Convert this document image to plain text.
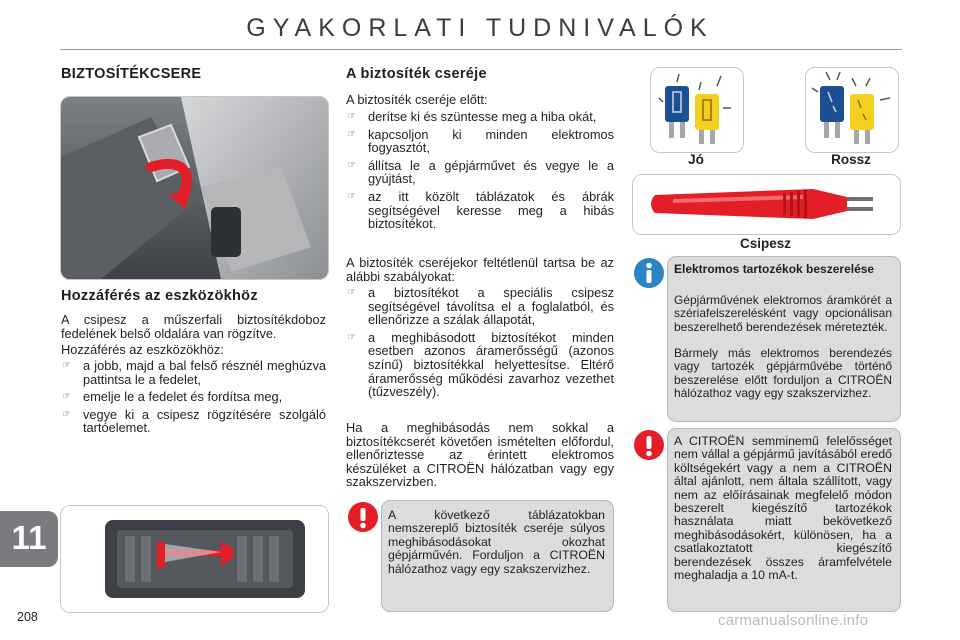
GYAKORLATI TUDNIVALÓK
BIZTOSÍTÉKCSERE
Hozzáférés az eszközökhöz
A csipesz a műszerfali biztosítékdoboz fedelének belső oldalára van rögzítve.
Hozzáférés az eszközökhöz:
☞ a jobb, majd a bal felső résznél meghúzva pattintsa le a fedelet,
☞ emelje le a fedelet és fordítsa meg,
☞ vegye ki a csipesz rögzítésére szolgáló tartóelemet.
A biztosíték cseréje
A biztosíték cseréje előtt:
☞ derítse ki és szüntesse meg a hiba okát,
☞ kapcsoljon ki minden elektromos fogyasztót,
☞ állítsa le a gépjárművet és vegye le a gyújtást,
☞ az itt közölt táblázatok és ábrák segítségével keresse meg a hibás biztosítékot.
A biztosíték cseréjekor feltétlenül tartsa be az alábbi szabályokat:
☞ a biztosítékot a speciális csipesz segítségével távolítsa el a foglalatból, és ellenőrizze a szálak állapotát,
☞ a meghibásodott biztosítékot minden esetben azonos áramerősségű (azonos színű) biztosítékkal helyettesítse. Eltérő áramerősség működési zavarhoz vezethet (tűzveszély).
Ha a meghibásodás nem sokkal a biztosítékcserét követően ismételten előfordul, ellenőriztesse az érintett elektromos készüléket a CITROËN hálózatban vagy egy szakszervizben.
A következő táblázatokban nemszereplő biztosíték cseréje súlyos meghibásodásokat okozhat gépjárművén. Forduljon a CITROËN hálózathoz vagy egy szakszervizhez.
Jó	Rossz
Csipesz
Elektromos tartozékok beszerelése
Gépjárművének elektromos áramkörét a szériafelszerelésként vagy opcionálisan beszerelhető berendezések méretezték.
Bármely más elektromos berendezés vagy tartozék gépjárművébe történő beszerelése előtt forduljon a CITROËN hálózathoz vagy egy szakszervizhez.
A CITROËN semminemű felelősséget nem vállal a gépjármű javításából eredő költségekért vagy a nem a CITROËN által ajánlott, nem általa szállított, vagy nem az előírásainak megfelelő módon beszerelt kiegészítő tartozékok használata miatt bekövetkező meghibásodásokért, különösen, ha a csatlakoztatott kiegészítő berendezések összes áramfelvétele meghaladja a 10 mA-t.
11
208	carmanualsonline.info
